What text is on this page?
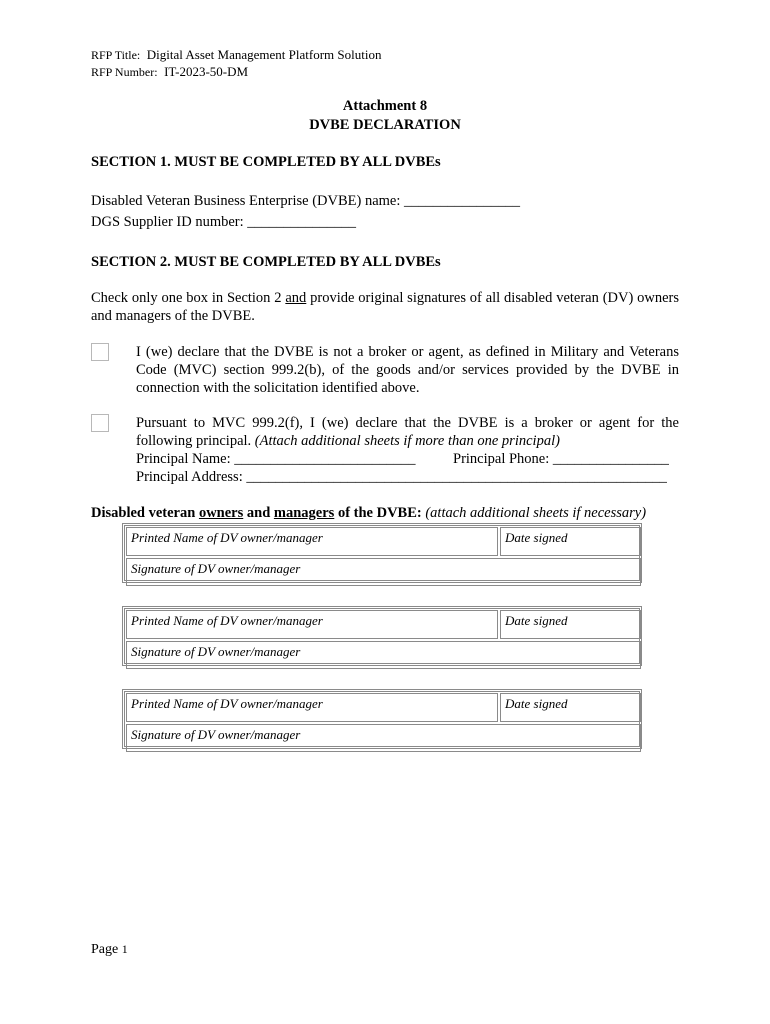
RFP Title: Digital Asset Management Platform Solution
RFP Number: IT-2023-50-DM
Attachment 8
DVBE DECLARATION
SECTION 1. MUST BE COMPLETED BY ALL DVBEs
Disabled Veteran Business Enterprise (DVBE) name: ________________
DGS Supplier ID number: _______________
SECTION 2. MUST BE COMPLETED BY ALL DVBEs
Check only one box in Section 2 and provide original signatures of all disabled veteran (DV) owners and managers of the DVBE.
I (we) declare that the DVBE is not a broker or agent, as defined in Military and Veterans Code (MVC) section 999.2(b), of the goods and/or services provided by the DVBE in connection with the solicitation identified above.
Pursuant to MVC 999.2(f), I (we) declare that the DVBE is a broker or agent for the following principal. (Attach additional sheets if more than one principal)
Principal Name: _________________________	Principal Phone: ________________
Principal Address: __________________________________________________________
Disabled veteran owners and managers of the DVBE: (attach additional sheets if necessary)
Printed Name of DV owner/manager	Date signed
Signature of DV owner/manager
Printed Name of DV owner/manager	Date signed
Signature of DV owner/manager
Printed Name of DV owner/manager	Date signed
Signature of DV owner/manager
Page 1
